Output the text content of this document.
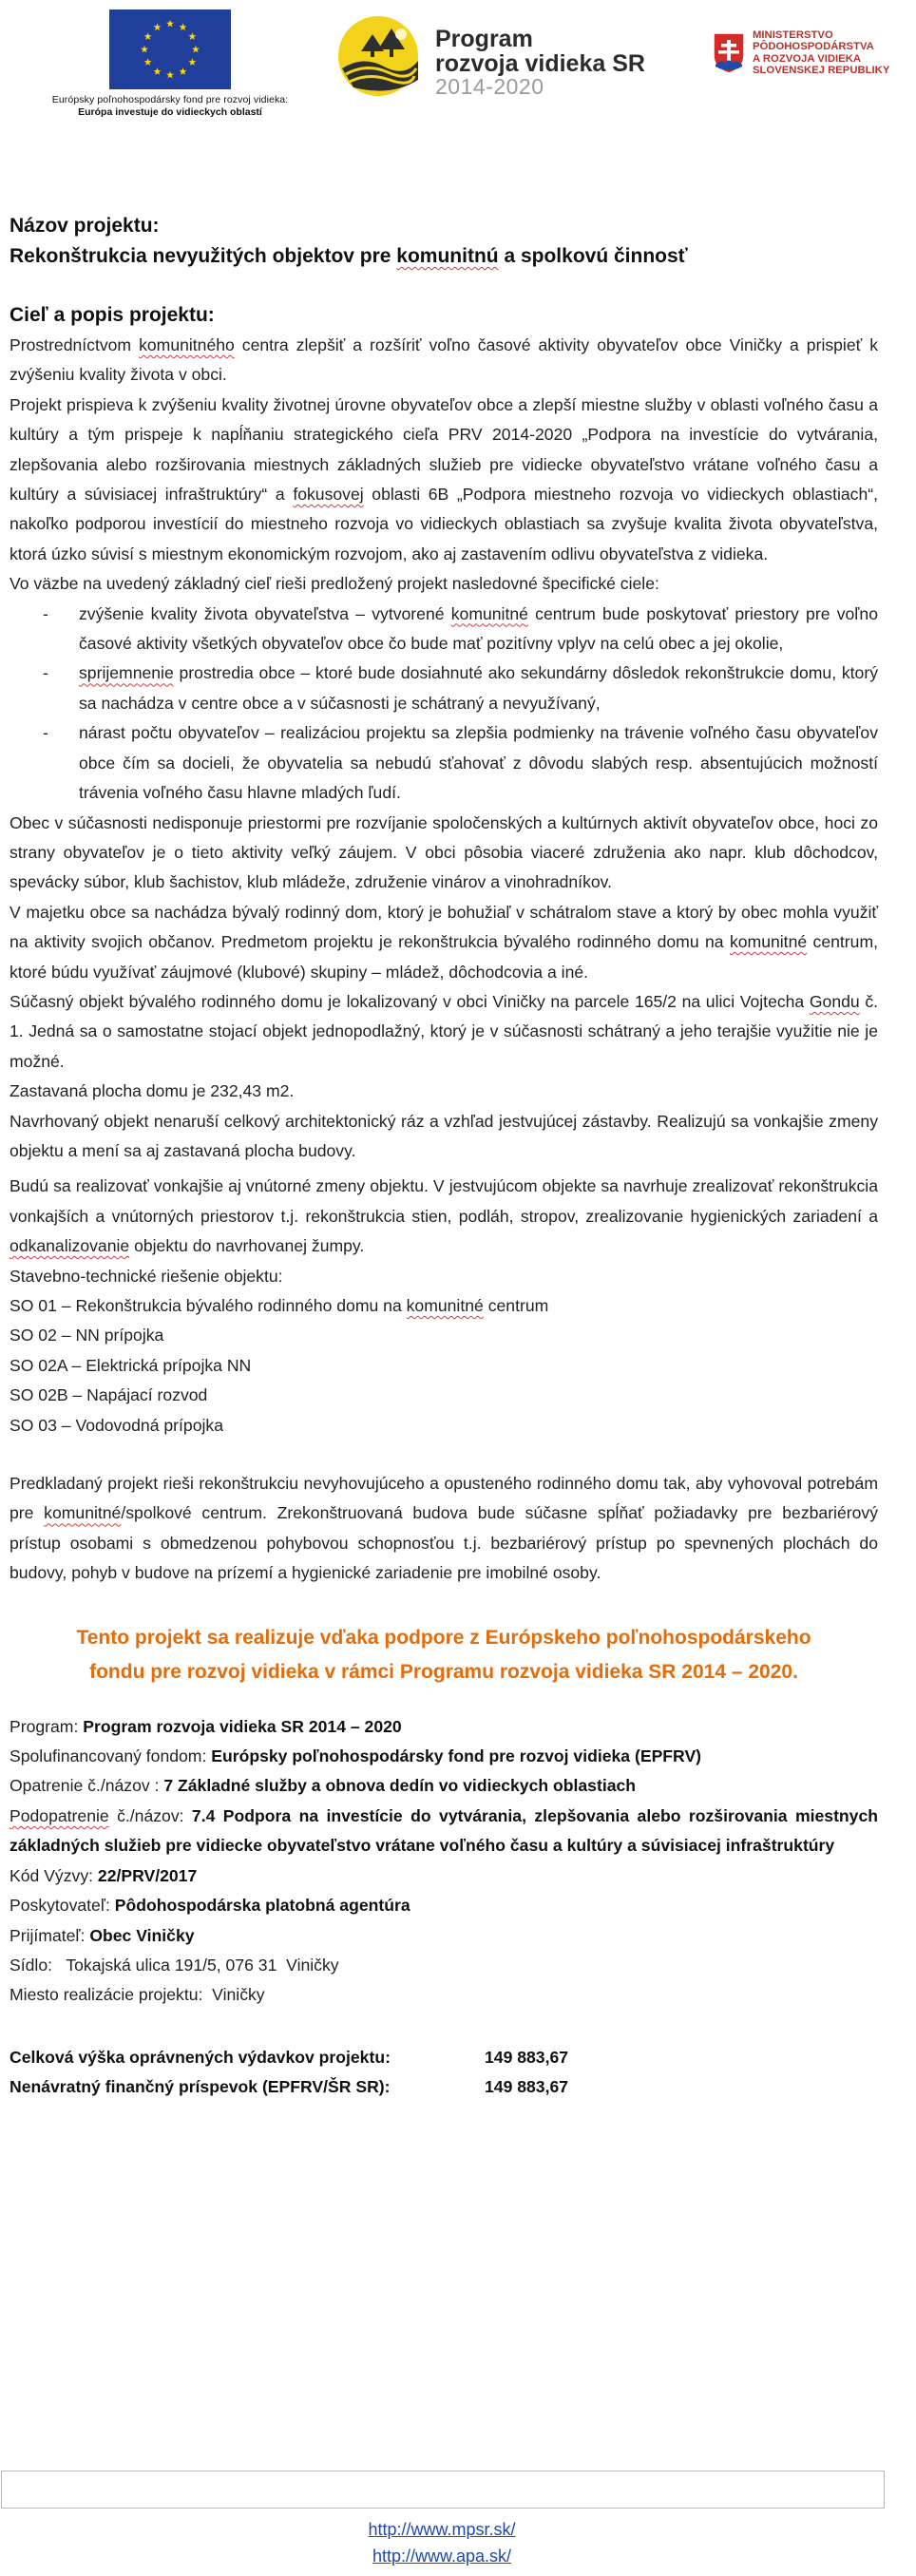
Európsky poľnohospodársky fond pre rozvoj vidieka:
Európa investuje do vidieckych oblastí
Program
rozvoja vidieka SR
2014-2020
MINISTERSTVO
PÔDOHOSPODÁRSTVA
A ROZVOJA VIDIEKA
SLOVENSKEJ REPUBLIKY
Názov projektu:
Rekonštrukcia nevyužitých objektov pre komunitnú a spolkovú činnosť
Cieľ a popis projektu:
Prostredníctvom komunitného centra zlepšiť a rozšíriť voľno časové aktivity obyvateľov obce Viničky a prispieť k zvýšeniu kvality života v obci.
Projekt prispieva k zvýšeniu kvality životnej úrovne obyvateľov obce a zlepší miestne služby v oblasti voľného času a kultúry a tým prispeje k napĺňaniu strategického cieľa PRV 2014-2020 „Podpora na investície do vytvárania, zlepšovania alebo rozširovania miestnych základných služieb pre vidiecke obyvateľstvo vrátane voľného času a kultúry a súvisiacej infraštruktúry“ a fokusovej oblasti 6B „Podpora miestneho rozvoja vo vidieckych oblastiach“, nakoľko podporou investícií do miestneho rozvoja vo vidieckych oblastiach sa zvyšuje kvalita života obyvateľstva, ktorá úzko súvisí s miestnym ekonomickým rozvojom, ako aj zastavením odlivu obyvateľstva z vidieka.
Vo väzbe na uvedený základný cieľ rieši predložený projekt nasledovné špecifické ciele:
- zvýšenie kvality života obyvateľstva – vytvorené komunitné centrum bude poskytovať priestory pre voľno časové aktivity všetkých obyvateľov obce čo bude mať pozitívny vplyv na celú obec a jej okolie,
- sprijemnenie prostredia obce – ktoré bude dosiahnuté ako sekundárny dôsledok rekonštrukcie domu, ktorý sa nachádza v centre obce a v súčasnosti je schátraný a nevyužívaný,
- nárast počtu obyvateľov – realizáciou projektu sa zlepšia podmienky na trávenie voľného času obyvateľov obce čím sa docieli, že obyvatelia sa nebudú sťahovať z dôvodu slabých resp. absentujúcich možností trávenia voľného času hlavne mladých ľudí.
Obec v súčasnosti nedisponuje priestormi pre rozvíjanie spoločenských a kultúrnych aktivít obyvateľov obce, hoci zo strany obyvateľov je o tieto aktivity veľký záujem. V obci pôsobia viaceré združenia ako napr. klub dôchodcov, spevácky súbor, klub šachistov, klub mládeže, združenie vinárov a vinohradníkov.
V majetku obce sa nachádza bývalý rodinný dom, ktorý je bohužiaľ v schátralom stave a ktorý by obec mohla využiť na aktivity svojich občanov. Predmetom projektu je rekonštrukcia bývalého rodinného domu na komunitné centrum, ktoré búdu využívať záujmové (klubové) skupiny – mládež, dôchodcovia a iné.
Súčasný objekt bývalého rodinného domu je lokalizovaný v obci Viničky na parcele 165/2 na ulici Vojtecha Gondu č. 1. Jedná sa o samostatne stojací objekt jednopodlažný, ktorý je v súčasnosti schátraný a jeho terajšie využitie nie je možné.
Zastavaná plocha domu je 232,43 m2.
Navrhovaný objekt nenaruší celkový architektonický ráz a vzhľad jestvujúcej zástavby. Realizujú sa vonkajšie zmeny objektu a mení sa aj zastavaná plocha budovy.
Budú sa realizovať vonkajšie aj vnútorné zmeny objektu. V jestvujúcom objekte sa navrhuje zrealizovať rekonštrukcia vonkajších a vnútorných priestorov t.j. rekonštrukcia stien, podláh, stropov, zrealizovanie hygienických zariadení a odkanalizovanie objektu do navrhovanej žumpy.
Stavebno-technické riešenie objektu:
SO 01 – Rekonštrukcia bývalého rodinného domu na komunitné centrum
SO 02 – NN prípojka
SO 02A – Elektrická prípojka NN
SO 02B – Napájací rozvod
SO 03 – Vodovodná prípojka
Predkladaný projekt rieši rekonštrukciu nevyhovujúceho a opusteného rodinného domu tak, aby vyhovoval potrebám pre komunitné/spolkové centrum. Zrekonštruovaná budova bude súčasne spĺňať požiadavky pre bezbariérový prístup osobami s obmedzenou pohybovou schopnosťou t.j. bezbariérový prístup po spevnených plochách do budovy, pohyb v budove na prízemí a hygienické zariadenie pre imobilné osoby.
Tento projekt sa realizuje vďaka podpore z Európskeho poľnohospodárskeho
fondu pre rozvoj vidieka v rámci Programu rozvoja vidieka SR 2014 – 2020.
Program: Program rozvoja vidieka SR 2014 – 2020
Spolufinancovaný fondom: Európsky poľnohospodársky fond pre rozvoj vidieka (EPFRV)
Opatrenie č./názov : 7 Základné služby a obnova dedín vo vidieckych oblastiach
Podopatrenie č./názov: 7.4 Podpora na investície do vytvárania, zlepšovania alebo rozširovania miestnych základných služieb pre vidiecke obyvateľstvo vrátane voľného času a kultúry a súvisiacej infraštruktúry
Kód Výzvy: 22/PRV/2017
Poskytovateľ: Pôdohospodárska platobná agentúra
Prijímateľ: Obec Viničky
Sídlo:   Tokajská ulica 191/5, 076 31  Viničky
Miesto realizácie projektu:  Viničky
Celková výška oprávnených výdavkov projektu:	149 883,67
Nenávratný finančný príspevok (EPFRV/ŠR SR):	149 883,67
http://www.mpsr.sk/
http://www.apa.sk/
